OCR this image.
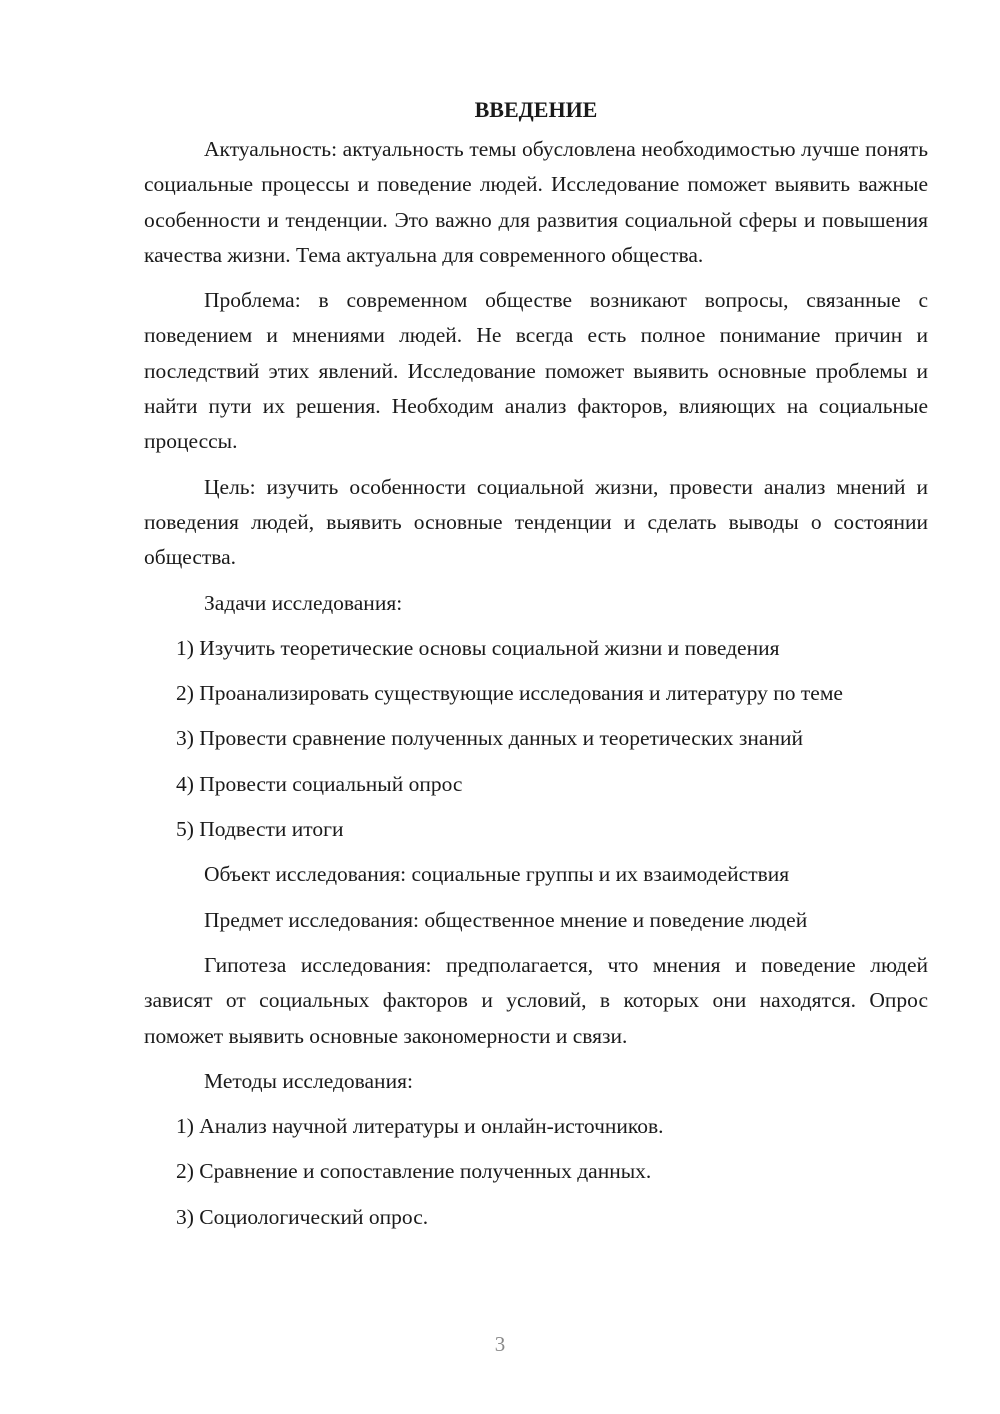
ВВЕДЕНИЕ

Актуальность: актуальность темы обусловлена необходимостью лучше понять социальные процессы и поведение людей. Исследование поможет выявить важные особенности и тенденции. Это важно для развития социальной сферы и повышения качества жизни. Тема актуальна для современного общества.

Проблема: в современном обществе возникают вопросы, связанные с поведением и мнениями людей. Не всегда есть полное понимание причин и последствий этих явлений. Исследование поможет выявить основные проблемы и найти пути их решения. Необходим анализ факторов, влияющих на социальные процессы.

Цель: изучить особенности социальной жизни, провести анализ мнений и поведения людей, выявить основные тенденции и сделать выводы о состоянии общества.

Задачи исследования:

1) Изучить теоретические основы социальной жизни и поведения

2) Проанализировать существующие исследования и литературу по теме

3) Провести сравнение полученных данных и теоретических знаний

4) Провести социальный опрос

5) Подвести итоги

Объект исследования: социальные группы и их взаимодействия

Предмет исследования: общественное мнение и поведение людей

Гипотеза исследования: предполагается, что мнения и поведение людей зависят от социальных факторов и условий, в которых они находятся. Опрос поможет выявить основные закономерности и связи.

Методы исследования:

1) Анализ научной литературы и онлайн-источников.

2) Сравнение и сопоставление полученных данных.

3) Социологический опрос.

3
